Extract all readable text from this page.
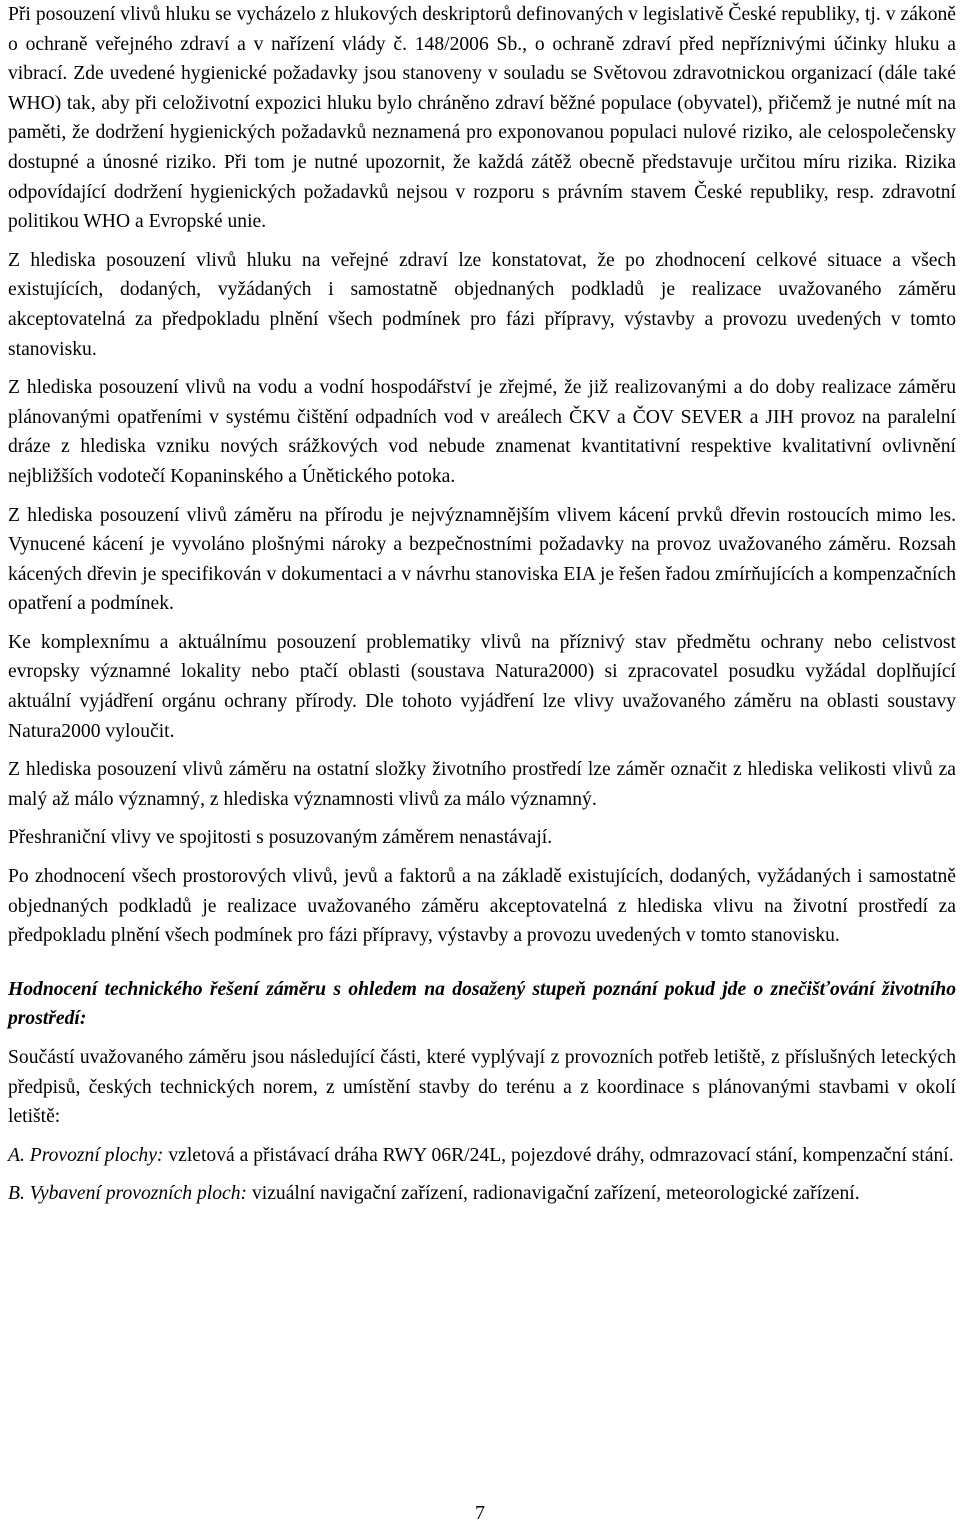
Při posouzení vlivů hluku se vycházelo z hlukových deskriptorů definovaných v legislativě České republiky, tj. v zákoně o ochraně veřejného zdraví a v nařízení vlády č. 148/2006 Sb., o ochraně zdraví před nepříznivými účinky hluku a vibrací. Zde uvedené hygienické požadavky jsou stanoveny v souladu se Světovou zdravotnickou organizací (dále také WHO) tak, aby při celoživotní expozici hluku bylo chráněno zdraví běžné populace (obyvatel), přičemž je nutné mít na paměti, že dodržení hygienických požadavků neznamená pro exponovanou populaci nulové riziko, ale celospolečensky dostupné a únosné riziko. Při tom je nutné upozornit, že každá zátěž obecně představuje určitou míru rizika. Rizika odpovídající dodržení hygienických požadavků nejsou v rozporu s právním stavem České republiky, resp. zdravotní politikou WHO a Evropské unie.

Z hlediska posouzení vlivů hluku na veřejné zdraví lze konstatovat, že po zhodnocení celkové situace a všech existujících, dodaných, vyžádaných i samostatně objednaných podkladů je realizace uvažovaného záměru akceptovatelná za předpokladu plnění všech podmínek pro fázi přípravy, výstavby a provozu uvedených v tomto stanovisku.

Z hlediska posouzení vlivů na vodu a vodní hospodářství je zřejmé, že již realizovanými a do doby realizace záměru plánovanými opatřeními v systému čištění odpadních vod v areálech ČKV a ČOV SEVER a JIH provoz na paralelní dráze z hlediska vzniku nových srážkových vod nebude znamenat kvantitativní respektive kvalitativní ovlivnění nejbližších vodotečí Kopaninského a Únětického potoka.

Z hlediska posouzení vlivů záměru na přírodu je nejvýznamnějším vlivem kácení prvků dřevin rostoucích mimo les. Vynucené kácení je vyvoláno plošnými nároky a bezpečnostními požadavky na provoz uvažovaného záměru. Rozsah kácených dřevin je specifikován v dokumentaci a v návrhu stanoviska EIA je řešen řadou zmírňujících a kompenzačních opatření a podmínek.

Ke komplexnímu a aktuálnímu posouzení problematiky vlivů na příznivý stav předmětu ochrany nebo celistvost evropsky významné lokality nebo ptačí oblasti (soustava Natura2000) si zpracovatel posudku vyžádal doplňující aktuální vyjádření orgánu ochrany přírody. Dle tohoto vyjádření lze vlivy uvažovaného záměru na oblasti soustavy Natura2000 vyloučit.

Z hlediska posouzení vlivů záměru na ostatní složky životního prostředí lze záměr označit z hlediska velikosti vlivů za malý až málo významný, z hlediska významnosti vlivů za málo významný.

Přeshraniční vlivy ve spojitosti s posuzovaným záměrem nenastávají.

Po zhodnocení všech prostorových vlivů, jevů a faktorů a na základě existujících, dodaných, vyžádaných i samostatně objednaných podkladů je realizace uvažovaného záměru akceptovatelná z hlediska vlivu na životní prostředí za předpokladu plnění všech podmínek pro fázi přípravy, výstavby a provozu uvedených v tomto stanovisku.

Hodnocení technického řešení záměru s ohledem na dosažený stupeň poznání pokud jde o znečišťování životního prostředí:

Součástí uvažovaného záměru jsou následující části, které vyplývají z provozních potřeb letiště, z příslušných leteckých předpisů, českých technických norem, z umístění stavby do terénu a z koordinace s plánovanými stavbami v okolí letiště:

A. Provozní plochy: vzletová a přistávací dráha RWY 06R/24L, pojezdové dráhy, odmrazovací stání, kompenzační stání.

B. Vybavení provozních ploch: vizuální navigační zařízení, radionavigační zařízení, meteorologické zařízení.

7
